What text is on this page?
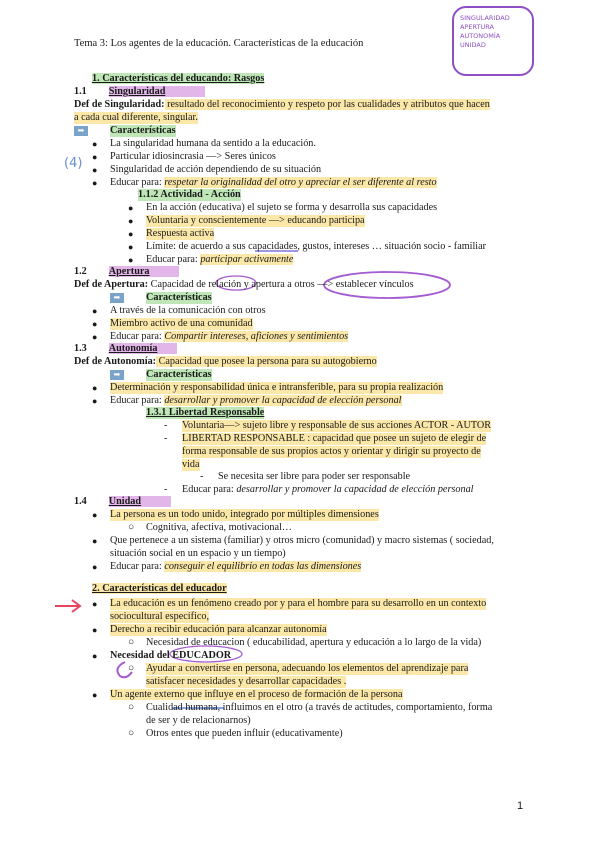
Tema 3: Los agentes de la educación. Características de la educación
SINGULARIDAD
APERTURA
AUTONOMÍA
UNIDAD
(4)
1. Características del educando: Rasgos
1.1 Singularidad
Def de Singularidad: resultado del reconocimiento y respeto por las cualidades y atributos que hacen
a cada cual diferente, singular.
➡	Características
● La singularidad humana da sentido a la educación.
● Particular idiosincrasia —> Seres únicos
● Singularidad de acción dependiendo de su situación
● Educar para: respetar la originalidad del otro y apreciar el ser diferente al resto
1.1.2 Actividad - Acción
● En la acción (educativa) el sujeto se forma y desarrolla sus capacidades
● Voluntaria y conscientemente —> educando participa
● Respuesta activa
● Límite: de acuerdo a sus capacidades, gustos, intereses … situación socio - familiar
● Educar para: participar activamente
1.2 Apertura
Def de Apertura: Capacidad de relación y apertura a otros —> establecer vínculos
➡	Características
● A través de la comunicación con otros
● Miembro activo de una comunidad
● Educar para: Compartir intereses, aficiones y sentimientos
1.3 Autonomía
Def de Autonomía: Capacidad que posee la persona para su autogobierno
➡	Características
● Determinación y responsabilidad única e intransferible, para su propia realización
● Educar para: desarrollar y promover la capacidad de elección personal
1.3.1 Libertad Responsable
- Voluntaria—> sujeto libre y responsable de sus acciones ACTOR - AUTOR
- LIBERTAD RESPONSABLE : capacidad que posee un sujeto de elegir de
forma responsable de sus propios actos y orientar y dirigir su proyecto de
vida
- Se necesita ser libre para poder ser responsable
- Educar para: desarrollar y promover la capacidad de elección personal
1.4 Unidad
● La persona es un todo unido, integrado por múltiples dimensiones
○ Cognitiva, afectiva, motivacional…
● Que pertenece a un sistema (familiar) y otros micro (comunidad) y macro sistemas ( sociedad,
situación social en un espacio y un tiempo)
● Educar para: conseguir el equilibrio en todas las dimensiones
2. Características del educador
● La educación es un fenómeno creado por y para el hombre para su desarrollo en un contexto
sociocultural específico,
● Derecho a recibir educación para alcanzar autonomía
○ Necesidad de educacion ( educabilidad, apertura y educación a lo largo de la vida)
● Necesidad del EDUCADOR
○ Ayudar a convertirse en persona, adecuando los elementos del aprendizaje para
satisfacer necesidades y desarrollar capacidades .
● Un agente externo que influye en el proceso de formación de la persona
○ Cualidad humana, influimos en el otro (a través de actitudes, comportamiento, forma
de ser y de relacionarnos)
○ Otros entes que pueden influir (educativamente)
1
